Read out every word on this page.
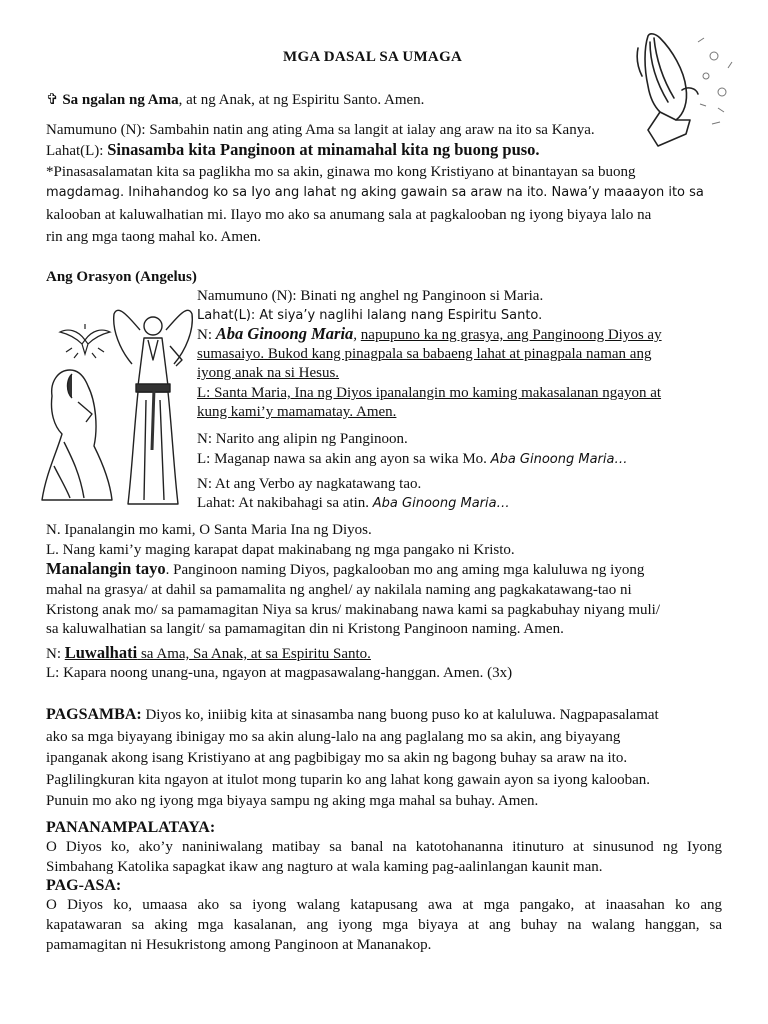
MGA DASAL SA UMAGA
✞ Sa ngalan ng Ama, at ng Anak, at ng Espiritu Santo. Amen.
Namumuno (N): Sambahin natin ang ating Ama sa langit at ialay ang araw na ito sa Kanya.
Lahat(L): Sinasamba kita Panginoon at minamahal kita ng buong puso.
*Pinasasalamatan kita sa paglikha mo sa akin, ginawa mo kong Kristiyano at binantayan sa buong
magdamag. Inihahandog ko sa Iyo ang lahat ng aking gawain sa araw na ito. Nawa’y maaayon ito sa
kalooban at kaluwalhatian mi. Ilayo mo ako sa anumang sala at pagkalooban ng iyong biyaya lalo na
rin ang mga taong mahal ko. Amen.
Ang Orasyon (Angelus)
Namumuno (N): Binati ng anghel ng Panginoon si Maria.
Lahat(L): At siya’y naglihi lalang nang Espiritu Santo.
N: Aba Ginoong Maria, napupuno ka ng grasya, ang Panginoong Diyos ay
sumasaiyo. Bukod kang pinagpala sa babaeng lahat at pinagpala naman ang
iyong anak na si Hesus.
L: Santa Maria, Ina ng Diyos ipanalangin mo kaming makasalanan ngayon at
kung kami’y mamamatay. Amen.
N: Narito ang alipin ng Panginoon.
L: Maganap nawa sa akin ang ayon sa wika Mo. Aba Ginoong Maria…
N: At ang Verbo ay nagkatawang tao.
Lahat: At nakibahagi sa atin. Aba Ginoong Maria…
N. Ipanalangin mo kami, O Santa Maria Ina ng Diyos.
L. Nang kami’y maging karapat dapat makinabang ng mga pangako ni Kristo.
Manalangin tayo. Panginoon naming Diyos, pagkalooban mo ang aming mga kaluluwa ng iyong
mahal na grasya/ at dahil sa pamamalita ng anghel/ ay nakilala naming ang pagkakatawang-tao ni
Kristong anak mo/ sa pamamagitan Niya sa krus/ makinabang nawa kami sa pagkabuhay niyang muli/
sa kaluwalhatian sa langit/ sa pamamagitan din ni Kristong Panginoon naming. Amen.
N: Luwalhati sa Ama, Sa Anak, at sa Espiritu Santo.
L: Kapara noong unang-una, ngayon at magpasawalang-hanggan. Amen. (3x)
PAGSAMBA: Diyos ko, iniibig kita at sinasamba nang buong puso ko at kaluluwa. Nagpapasalamat
ako sa mga biyayang ibinigay mo sa akin alung-lalo na ang paglalang mo sa akin, ang biyayang
ipanganak akong isang Kristiyano at ang pagbibigay mo sa akin ng bagong buhay sa araw na ito.
Paglilingkuran kita ngayon at itulot mong tuparin ko ang lahat kong gawain ayon sa iyong kalooban.
Punuin mo ako ng iyong mga biyaya sampu ng aking mga mahal sa buhay. Amen.
PANANAMPALATAYA:
O Diyos ko, ako’y naniniwalang matibay sa banal na katotohananna itinuturo at sinusunod ng Iyong
Simbahang Katolika sapagkat ikaw ang nagturo at wala kaming pag-aalinlangan kaunit man.
PAG-ASA:
O Diyos ko, umaasa ako sa iyong walang katapusang awa at mga pangako, at inaasahan ko ang
kapatawaran sa aking mga kasalanan, ang iyong mga biyaya at ang buhay na walang hanggan, sa
pamamagitan ni Hesukristong among Panginoon at Mananakop.
